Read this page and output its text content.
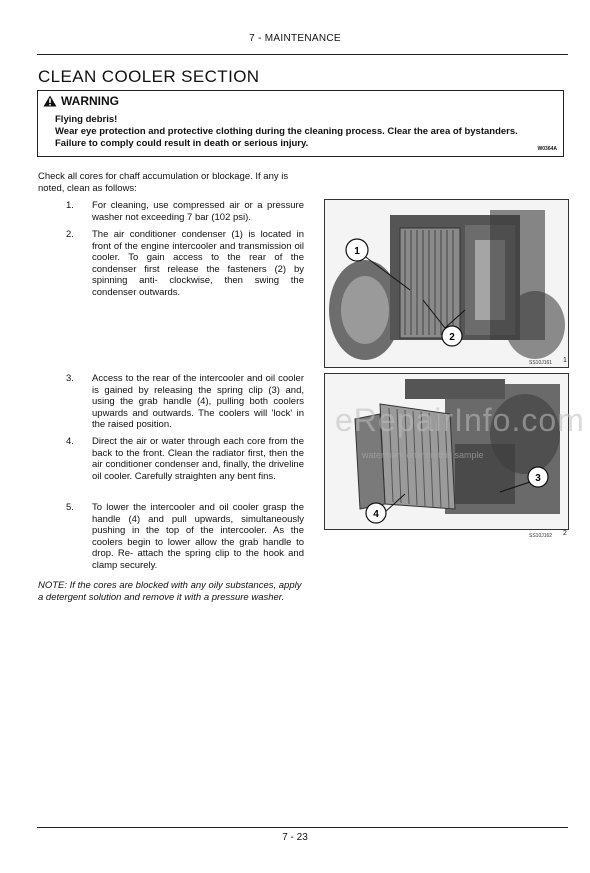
7 - MAINTENANCE
CLEAN COOLER SECTION
WARNING
Flying debris!
Wear eye protection and protective clothing during the cleaning process. Clear the area of bystanders.
Failure to comply could result in death or serious injury.	W0364A
Check all cores for chaff accumulation or blockage. If any is noted, clean as follows:
1.	For cleaning, use compressed air or a pressure washer not exceeding 7 bar (102 psi).
2.	The air conditioner condenser (1) is located in front of the engine intercooler and transmission oil cooler. To gain access to the rear of the condenser first release the fasteners (2) by spinning anti- clockwise, then swing the condenser outwards.
3.	Access to the rear of the intercooler and oil cooler is gained by releasing the spring clip (3) and, using the grab handle (4), pulling both coolers upwards and outwards. The coolers will 'lock' in the raised position.
4.	Direct the air or water through each core from the back to the front. Clean the radiator first, then the air conditioner condenser and, finally, the driveline oil cooler. Carefully straighten any bent fins.
5.	To lower the intercooler and oil cooler grasp the handle (4) and pull upwards, simultaneously pushing in the top of the intercooler. As the coolers begin to lower allow the grab handle to drop. Re- attach the spring clip to the hook and clamp securely.
NOTE: If the cores are blocked with any oily substances, apply a detergent solution and remove it with a pressure washer.
1
2
SS10J161 1
3
4
SS10J162 2
eRepairInfo.com
watermark only on this sample
7 - 23
